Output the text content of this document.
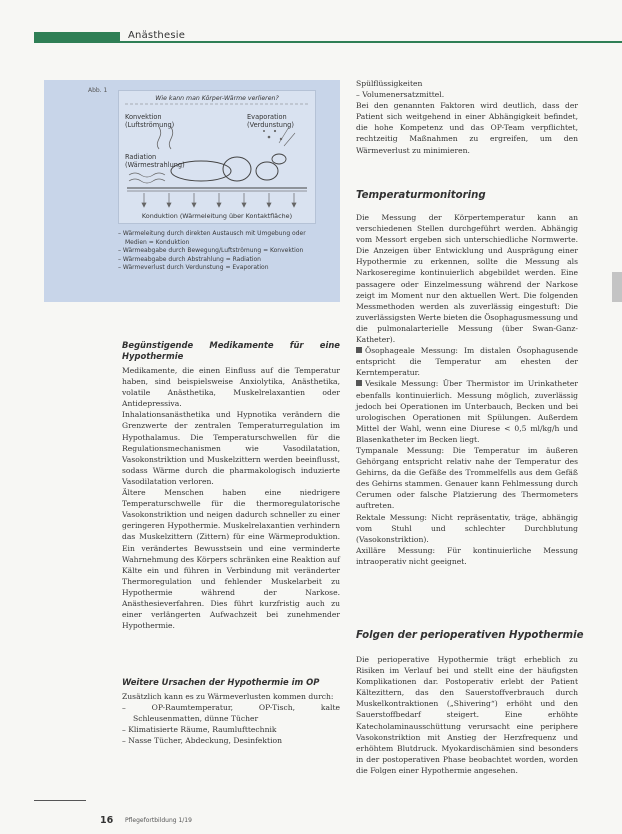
Anästhesie
Abb. 1
Wie kann man Körper-Wärme verlieren?
Konvektion
(Luftströmung)
Evaporation
(Verdunstung)
Radiation
(Wärmestrahlung)
Konduktion (Wärmeleitung über Kontaktfläche)
– Wärmeleitung durch direkten Austausch mit Umgebung oder Medien = Konduktion
– Wärmeabgabe durch Bewegung/Luftströmung = Konvektion
– Wärmeabgabe durch Abstrahlung = Radiation
– Wärmeverlust durch Verdunstung = Evaporation
Begünstigende Medikamente für eine Hypothermie

Medikamente, die einen Einfluss auf die Temperatur haben, sind beispielsweise Anxiolytika, Anästhetika, volatile Anästhetika, Muskelrelaxantien oder Antidepressiva.

Inhalationsanästhetika und Hypnotika verändern die Grenzwerte der zentralen Temperaturregulation im Hypothalamus. Die Temperaturschwellen für die Regulationsmechanismen wie Vasodilatation, Vasokonstriktion und Muskelzittern werden beeinflusst, sodass Wärme durch die pharmakologisch induzierte Vasodilatation verloren.

Ältere Menschen haben eine niedrigere Temperaturschwelle für die thermoregulatorische Vasokonstriktion und neigen dadurch schneller zu einer geringeren Hypothermie. Muskelrelaxantien verhindern das Muskelzittern (Zittern) für eine Wärmeproduktion. Ein verändertes Bewusstsein und eine verminderte Wahrnehmung des Körpers schränken eine Reaktion auf Kälte ein und führen in Verbindung mit veränderter Thermoregulation und fehlender Muskelarbeit zu Hypothermie während der Narkose. Anästhesieverfahren. Dies führt kurzfristig auch zu einer verlängerten Aufwachzeit bei zunehmender Hypothermie.

Weitere Ursachen der Hypothermie im OP

Zusätzlich kann es zu Wärmeverlusten kommen durch:

– OP-Raumtemperatur, OP-Tisch, kalte Schleusenmatten, dünne Tücher
– Klimatisierte Räume, Raumlufttechnik
– Nasse Tücher, Abdeckung, Desinfektion
Spülflüssigkeiten
– Volumenersatzmittel.

Bei den genannten Faktoren wird deutlich, dass der Patient sich weitgehend in einer Abhängigkeit befindet, die hohe Kompetenz und das OP-Team verpflichtet, rechtzeitig Maßnahmen zu ergreifen, um den Wärmeverlust zu minimieren.

Temperaturmonitoring

Die Messung der Körpertemperatur kann an verschiedenen Stellen durchgeführt werden. Abhängig vom Messort ergeben sich unterschiedliche Normwerte. Die Anzeigen über Entwicklung und Ausprägung einer Hypothermie zu erkennen, sollte die Messung als Narkoseregime kontinuierlich abgebildet werden. Eine passagere oder Einzelmessung während der Narkose zeigt im Moment nur den aktuellen Wert. Die folgenden Messmethoden werden als zuverlässig eingestuft: Die zuverlässigsten Werte bieten die Ösophagusmessung und die pulmonalarterielle Messung (über Swan-Ganz-Katheter).

Ösophageale Messung: Im distalen Ösophagusende entspricht die Temperatur am ehesten der Kerntemperatur.

Vesikale Messung: Über Thermistor im Urinkatheter ebenfalls kontinuierlich. Messung möglich, zuverlässig jedoch bei Operationen im Unterbauch, Becken und bei urologischen Operationen mit Spülungen. Außerdem Mittel der Wahl, wenn eine Diurese < 0,5 ml/kg/h und Blasenkatheter im Becken liegt.

Tympanale Messung: Die Temperatur im äußeren Gehörgang entspricht relativ nahe der Temperatur des Gehirns, da die Gefäße des Trommelfells aus dem Gefäß des Gehirns stammen. Genauer kann Fehlmessung durch Cerumen oder falsche Platzierung des Thermometers auftreten.

Rektale Messung: Nicht repräsentativ, träge, abhängig vom Stuhl und schlechter Durchblutung (Vasokonstriktion).

Axilläre Messung: Für kontinuierliche Messung intraoperativ nicht geeignet.

Folgen der perioperativen Hypothermie

Die perioperative Hypothermie trägt erheblich zu Risiken im Verlauf bei und stellt eine der häufigsten Komplikationen dar. Postoperativ erlebt der Patient Kältezittern, das den Sauerstoffverbrauch durch Muskelkontraktionen („Shivering“) erhöht und den Sauerstoffbedarf steigert. Eine erhöhte Katecholaminausschüttung verursacht eine periphere Vasokonstriktion mit Anstieg der Herzfrequenz und erhöhtem Blutdruck. Myokardischämien sind besonders in der postoperativen Phase beobachtet worden, worden die Folgen einer Hypothermie angesehen.

16 Pflegefortbildung 1/19
